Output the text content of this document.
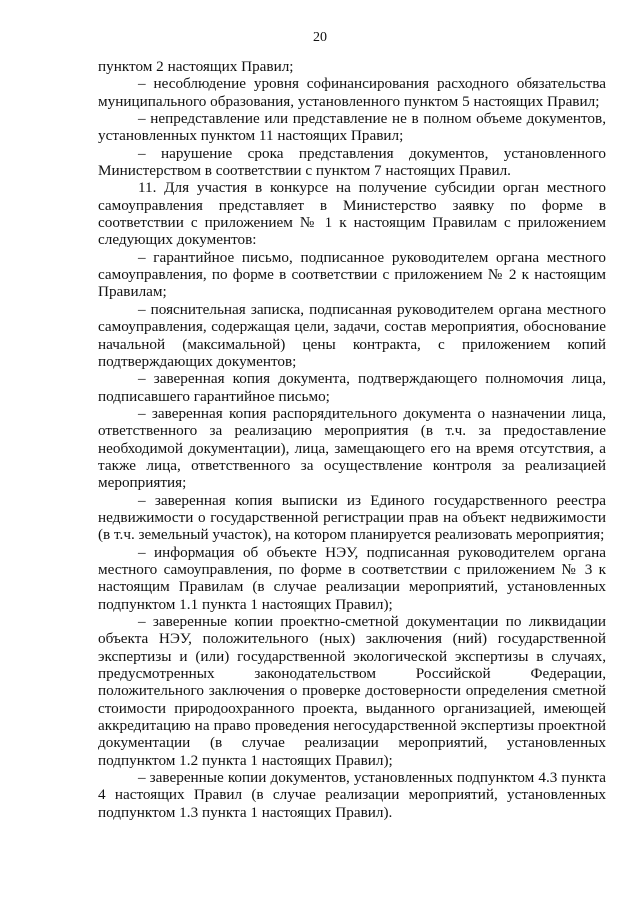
20

пунктом 2 настоящих Правил;

– несоблюдение уровня софинансирования расходного обязательства муниципального образования, установленного пунктом 5 настоящих Правил;

– непредставление или представление не в полном объеме документов, установленных пунктом 11 настоящих Правил;

– нарушение срока представления документов, установленного Министерством в соответствии с пунктом 7 настоящих Правил.

11. Для участия в конкурсе на получение субсидии орган местного самоуправления представляет в Министерство заявку по форме в соответствии с приложением № 1 к настоящим Правилам с приложением следующих документов:

– гарантийное письмо, подписанное руководителем органа местного самоуправления, по форме в соответствии с приложением № 2 к настоящим Правилам;

– пояснительная записка, подписанная руководителем органа местного самоуправления, содержащая цели, задачи, состав мероприятия, обоснование начальной (максимальной) цены контракта, с приложением копий подтверждающих документов;

– заверенная копия документа, подтверждающего полномочия лица, подписавшего гарантийное письмо;

– заверенная копия распорядительного документа о назначении лица, ответственного за реализацию мероприятия (в т.ч. за предоставление необходимой документации), лица, замещающего его на время отсутствия, а также лица, ответственного за осуществление контроля за реализацией мероприятия;

– заверенная копия выписки из Единого государственного реестра недвижимости о государственной регистрации прав на объект недвижимости (в т.ч. земельный участок), на котором планируется реализовать мероприятия;

– информация об объекте НЭУ, подписанная руководителем органа местного самоуправления, по форме в соответствии с приложением № 3 к настоящим Правилам (в случае реализации мероприятий, установленных подпунктом 1.1 пункта 1 настоящих Правил);

– заверенные копии проектно-сметной документации по ликвидации объекта НЭУ, положительного (ных) заключения (ний) государственной экспертизы и (или) государственной экологической экспертизы в случаях, предусмотренных законодательством Российской Федерации, положительного заключения о проверке достоверности определения сметной стоимости природоохранного проекта, выданного организацией, имеющей аккредитацию на право проведения негосударственной экспертизы проектной документации (в случае реализации мероприятий, установленных подпунктом 1.2 пункта 1 настоящих Правил);

– заверенные копии документов, установленных подпунктом 4.3 пункта 4 настоящих Правил (в случае реализации мероприятий, установленных подпунктом 1.3 пункта 1 настоящих Правил).
